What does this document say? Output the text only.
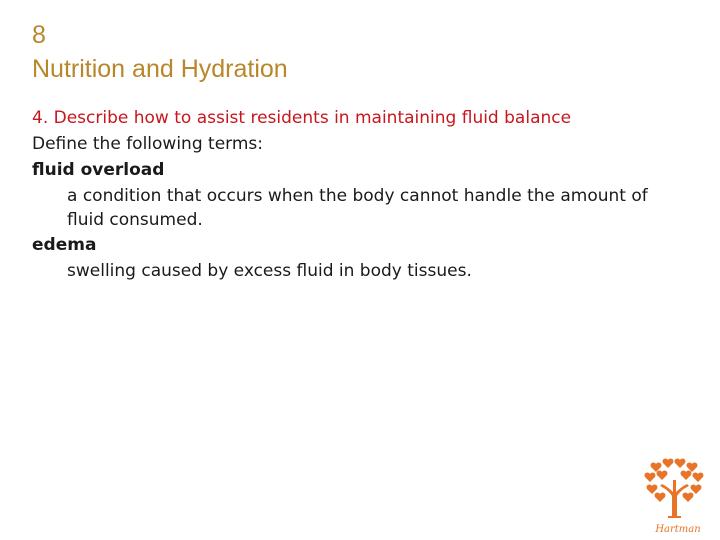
8
Nutrition and Hydration
4. Describe how to assist residents in maintaining fluid balance
Define the following terms:
fluid overload
a condition that occurs when the body cannot handle the amount of fluid consumed.
edema
swelling caused by excess fluid in body tissues.
Hartman
